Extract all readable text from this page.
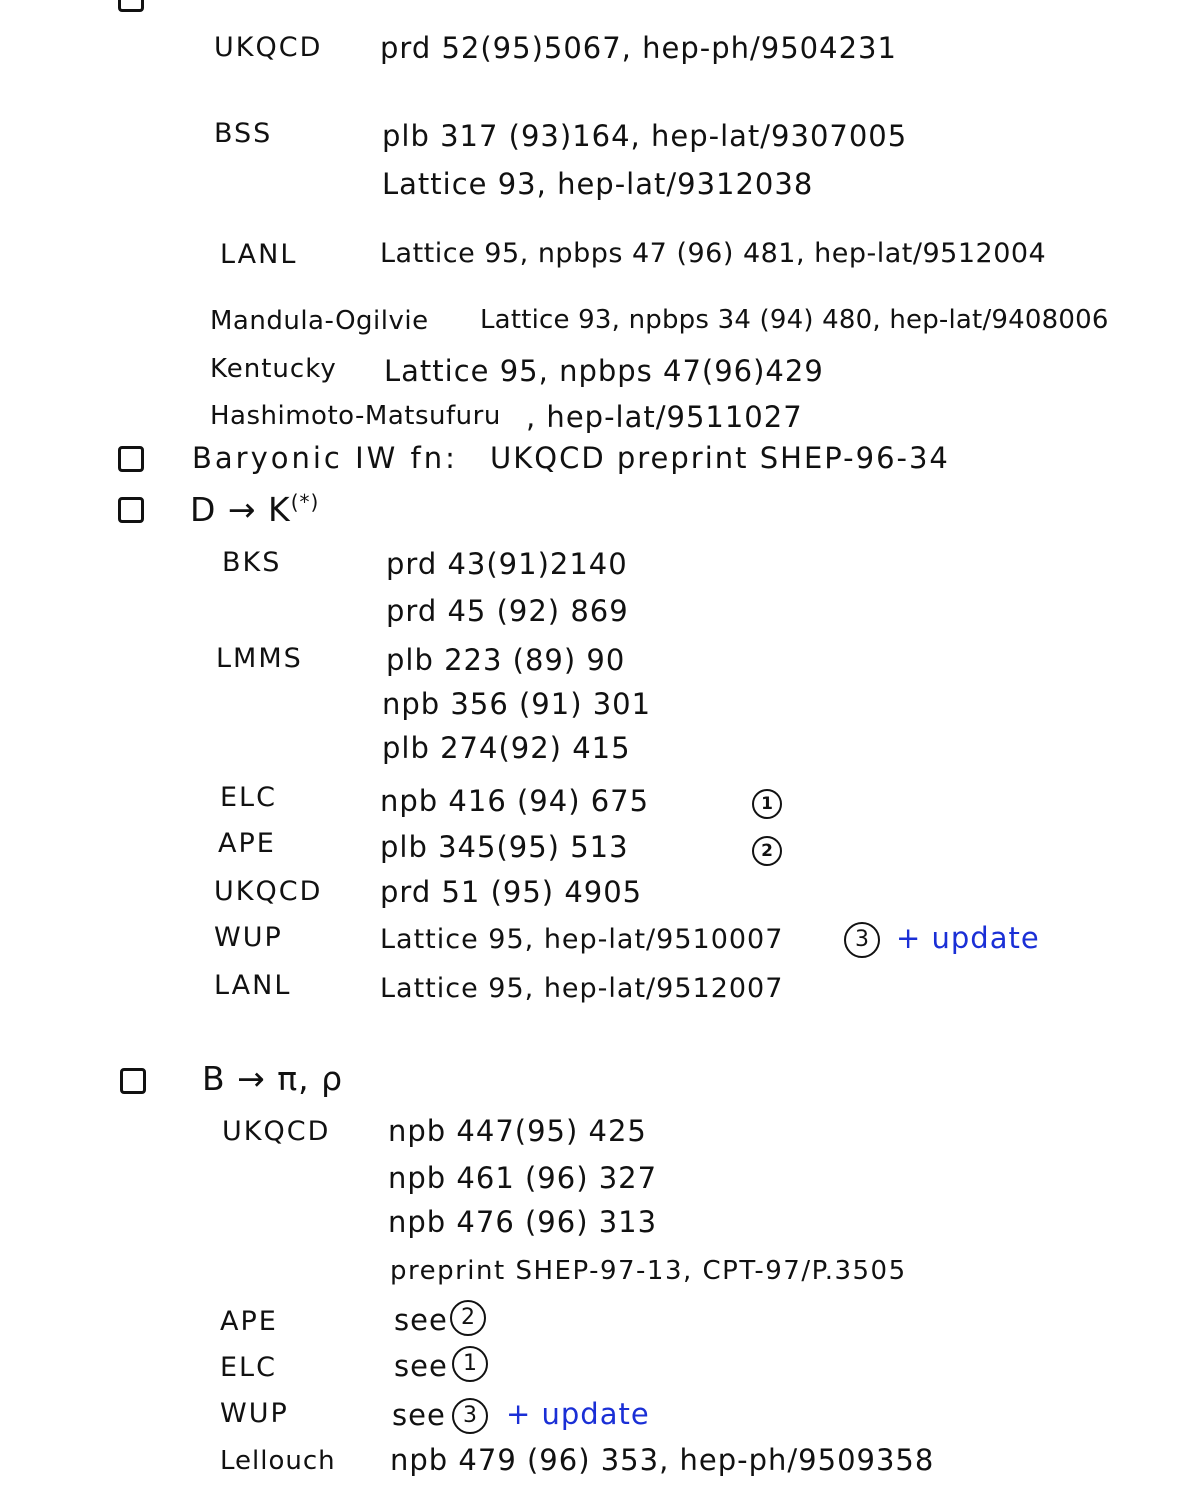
UKQCD prd 52(95)5067, hep-ph/9504231
BSS	plb 317 (93)164, hep-lat/9307005
Lattice 93, hep-lat/9312038
LANL	Lattice 95, npbps 47 (96) 481, hep-lat/9512004
Mandula-Ogilvie Lattice 93, npbps 34 (94) 480, hep-lat/9408006
Kentucky Lattice 95, npbps 47(96)429
Hashimoto-Matsufuru , hep-lat/9511027
Baryonic IW fn: UKQCD preprint SHEP-96-34
D → K(*)
BKS	prd 43(91)2140
prd 45 (92) 869
LMMS	plb 223 (89) 90
npb 356 (91) 301
plb 274(92) 415
ELC	npb 416 (94) 675	1
APE	plb 345(95) 513	2
UKQCD prd 51 (95) 4905
WUP	Lattice 95, hep-lat/9510007	3 + update
LANL	Lattice 95, hep-lat/9512007
B → π, ρ
UKQCD npb 447(95) 425
npb 461 (96) 327
npb 476 (96) 313
preprint SHEP-97-13, CPT-97/P.3505
APE	see 2
ELC	see 1
WUP	see 3	+ update
Lellouch npb 479 (96) 353, hep-ph/9509358
